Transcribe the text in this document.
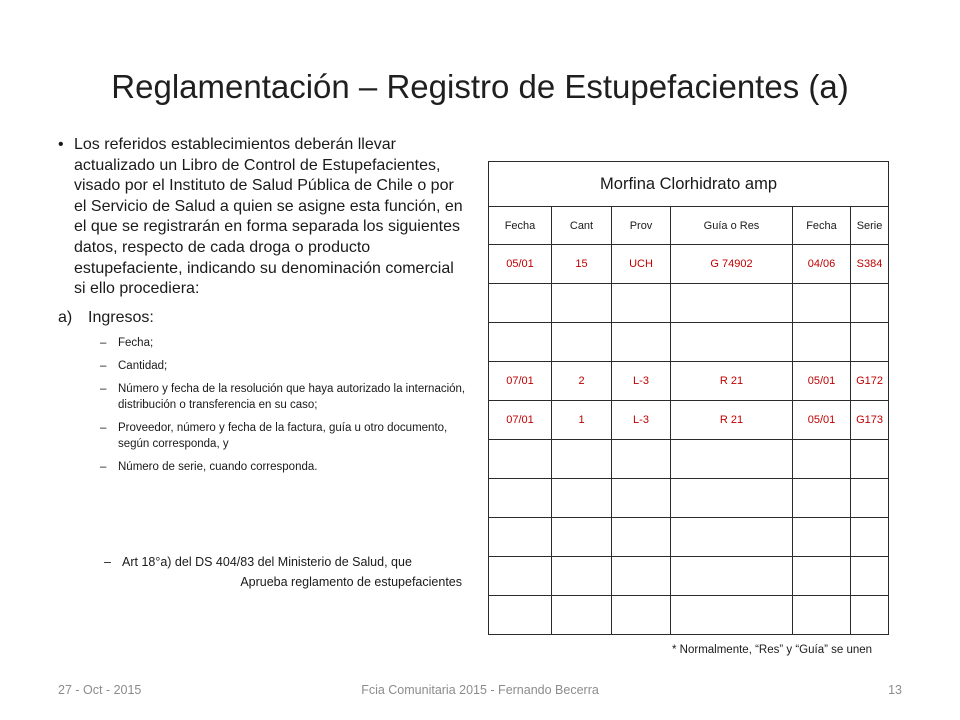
Reglamentación – Registro de Estupefacientes (a)
• Los referidos establecimientos deberán llevar actualizado un Libro de Control de Estupefacientes, visado por el Instituto de Salud Pública de Chile o por el Servicio de Salud a quien se asigne esta función, en el que se registrarán en forma separada los siguientes datos, respecto de cada droga o producto estupefaciente, indicando su denominación comercial si ello procediera:
a) Ingresos:
– Fecha;
– Cantidad;
– Número y fecha de la resolución que haya autorizado la internación, distribución o transferencia en su caso;
– Proveedor, número y fecha de la factura, guía u otro documento, según corresponda, y
– Número de serie, cuando corresponda.
– Art 18°a) del DS 404/83 del Ministerio de Salud, que
Aprueba reglamento de estupefacientes
Morfina Clorhidrato amp					
Fecha	Cant	Prov	Guía o Res	Fecha	Serie
05/01	15	UCH	G 74902	04/06	S384

07/01	2	L-3	R 21	05/01	G172
07/01	1	L-3	R 21	05/01	G173

* Normalmente, “Res” y “Guía” se unen
27 - Oct - 2015	Fcia Comunitaria 2015 - Fernando Becerra	13
